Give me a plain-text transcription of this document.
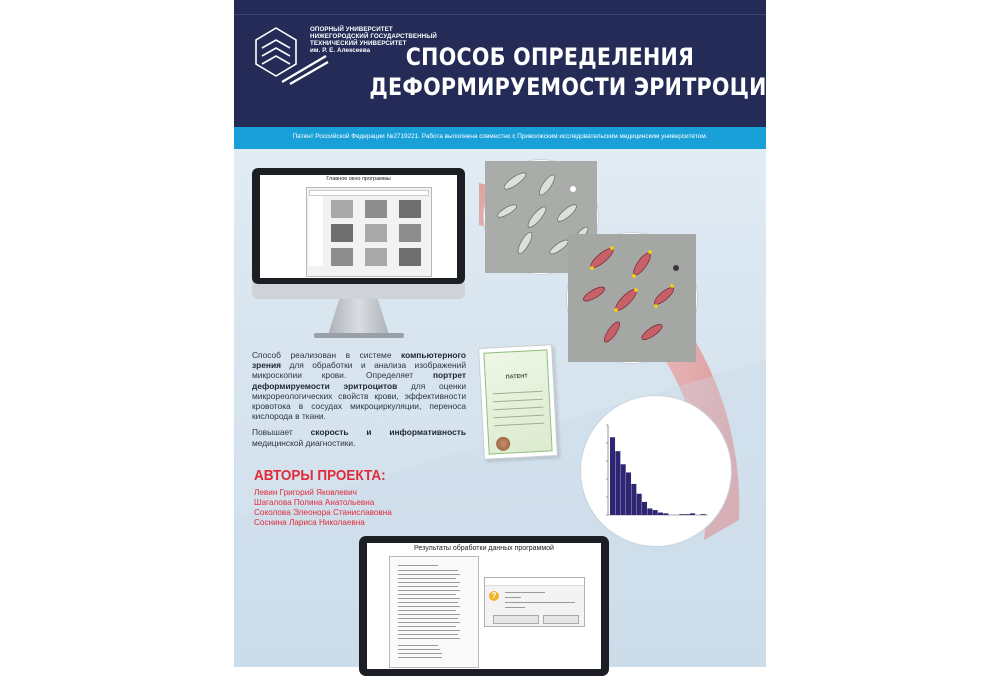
ОПОРНЫЙ УНИВЕРСИТЕТ
НИЖЕГОРОДСКИЙ ГОСУДАРСТВЕННЫЙ
ТЕХНИЧЕСКИЙ УНИВЕРСИТЕТ
им. Р. Е. Алексеева	СПОСОБ ОПРЕДЕЛЕНИЯ
ДЕФОРМИРУЕМОСТИ ЭРИТРОЦИТОВ
Патент Российской Федерации №2719221. Работа выполнена совместно с Приволжским исследовательским медицинским университетом.
Главное окно программы
ПАТЕНТ

Способ реализован в системе компьютерного зрения для обработки и анализа изображений микроскопии крови. Определяет портрет деформируемости эритроцитов для оценки микрореологических свойств крови, эффективности кровотока в сосудах микроциркуляции, переноса кислорода в ткани.

Повышает скорость и информативность медицинской диагностики.

АВТОРЫ ПРОЕКТА:
Левин Григорий Яковлевич
Шагалова Полина Анатольевна
Соколова Элеонора Станиславовна
Соснина Лариса Николаевна
Результаты обработки данных программой
?
